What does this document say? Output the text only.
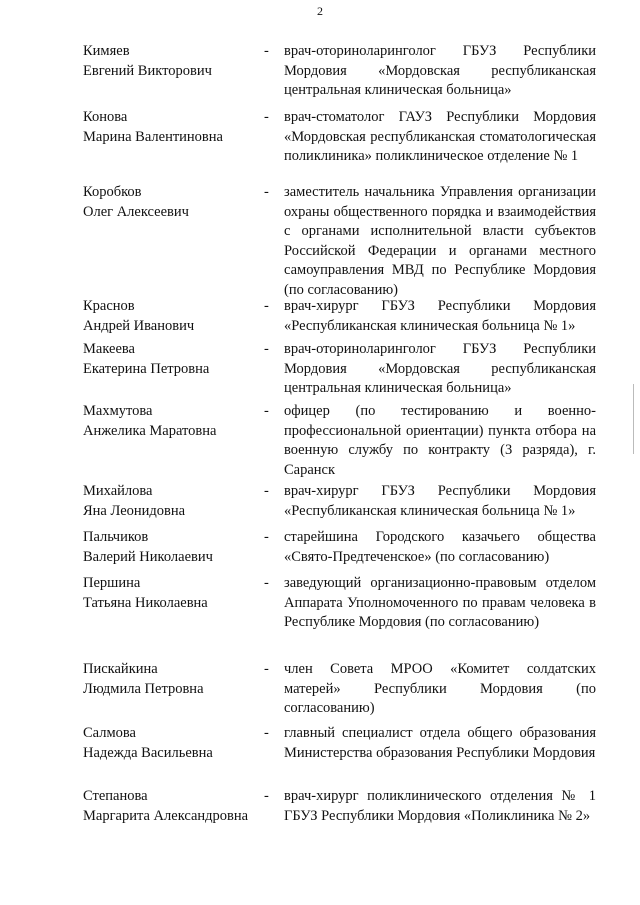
2
Кимяев
Евгений Викторович
- врач-оториноларинголог ГБУЗ Республики Мордовия «Мордовская республиканская центральная клиническая больница»
Конова
Марина Валентиновна
- врач-стоматолог ГАУЗ Республики Мордовия «Мордовская республиканская стоматологическая поликлиника» поликлиническое отделение № 1
Коробков
Олег Алексеевич
- заместитель начальника Управления организации охраны общественного порядка и взаимодействия с органами исполнительной власти субъектов Российской Федерации и органами местного самоуправления МВД по Республике Мордовия (по согласованию)
Краснов
Андрей Иванович
- врач-хирург ГБУЗ Республики Мордовия «Республиканская клиническая больница № 1»
Макеева
Екатерина Петровна
- врач-оториноларинголог ГБУЗ Республики Мордовия «Мордовская республиканская центральная клиническая больница»
Махмутова
Анжелика Маратовна
- офицер (по тестированию и военно-профессиональной ориентации) пункта отбора на военную службу по контракту (3 разряда), г. Саранск
Михайлова
Яна Леонидовна
- врач-хирург ГБУЗ Республики Мордовия «Республиканская клиническая больница № 1»
Пальчиков
Валерий Николаевич
- старейшина Городского казачьего общества «Свято-Предтеченское» (по согласованию)
Першина
Татьяна Николаевна
- заведующий организационно-правовым отделом Аппарата Уполномоченного по правам человека в Республике Мордовия (по согласованию)
Пискайкина
Людмила Петровна
- член Совета МРОО «Комитет солдатских матерей» Республики Мордовия (по согласованию)
Салмова
Надежда Васильевна
- главный специалист отдела общего образования Министерства образования Республики Мордовия
Степанова
Маргарита Александровна
- врач-хирург поликлинического отделения № 1 ГБУЗ Республики Мордовия «Поликлиника № 2»
